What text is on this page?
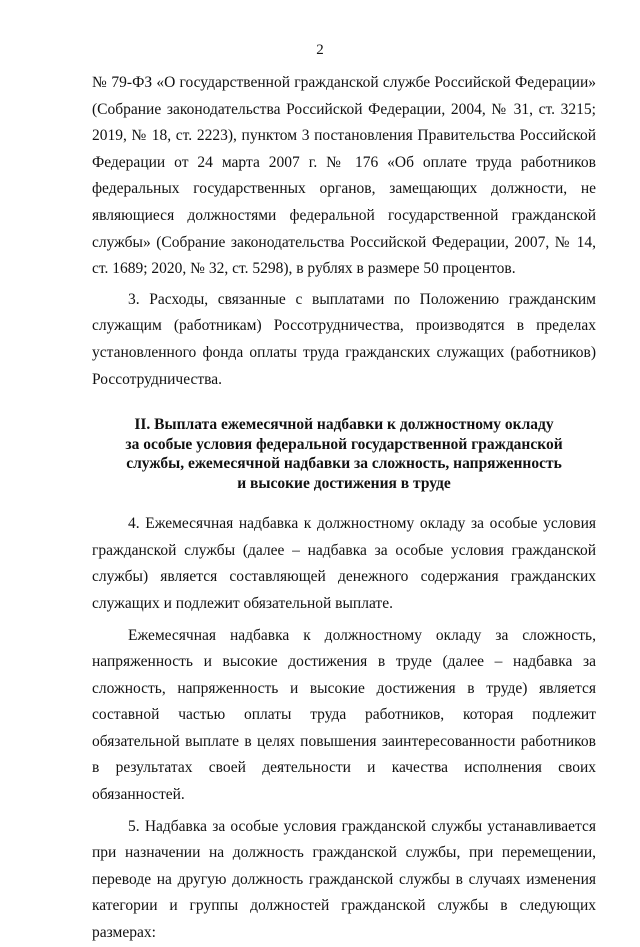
2

№ 79-ФЗ «О государственной гражданской службе Российской Федерации» (Собрание законодательства Российской Федерации, 2004, № 31, ст. 3215; 2019, № 18, ст. 2223), пунктом 3 постановления Правительства Российской Федерации от 24 марта 2007 г. № 176 «Об оплате труда работников федеральных государственных органов, замещающих должности, не являющиеся должностями федеральной государственной гражданской службы» (Собрание законодательства Российской Федерации, 2007, № 14, ст. 1689; 2020, № 32, ст. 5298), в рублях в размере 50 процентов.

3. Расходы, связанные с выплатами по Положению гражданским служащим (работникам) Россотрудничества, производятся в пределах установленного фонда оплаты труда гражданских служащих (работников) Россотрудничества.

II. Выплата ежемесячной надбавки к должностному окладу
за особые условия федеральной государственной гражданской
службы, ежемесячной надбавки за сложность, напряженность
и высокие достижения в труде

4. Ежемесячная надбавка к должностному окладу за особые условия гражданской службы (далее – надбавка за особые условия гражданской службы) является составляющей денежного содержания гражданских служащих и подлежит обязательной выплате.

Ежемесячная надбавка к должностному окладу за сложность, напряженность и высокие достижения в труде (далее – надбавка за сложность, напряженность и высокие достижения в труде) является составной частью оплаты труда работников, которая подлежит обязательной выплате в целях повышения заинтересованности работников в результатах своей деятельности и качества исполнения своих обязанностей.

5. Надбавка за особые условия гражданской службы устанавливается при назначении на должность гражданской службы, при перемещении, переводе на другую должность гражданской службы в случаях изменения категории и группы должностей гражданской службы в следующих размерах:
